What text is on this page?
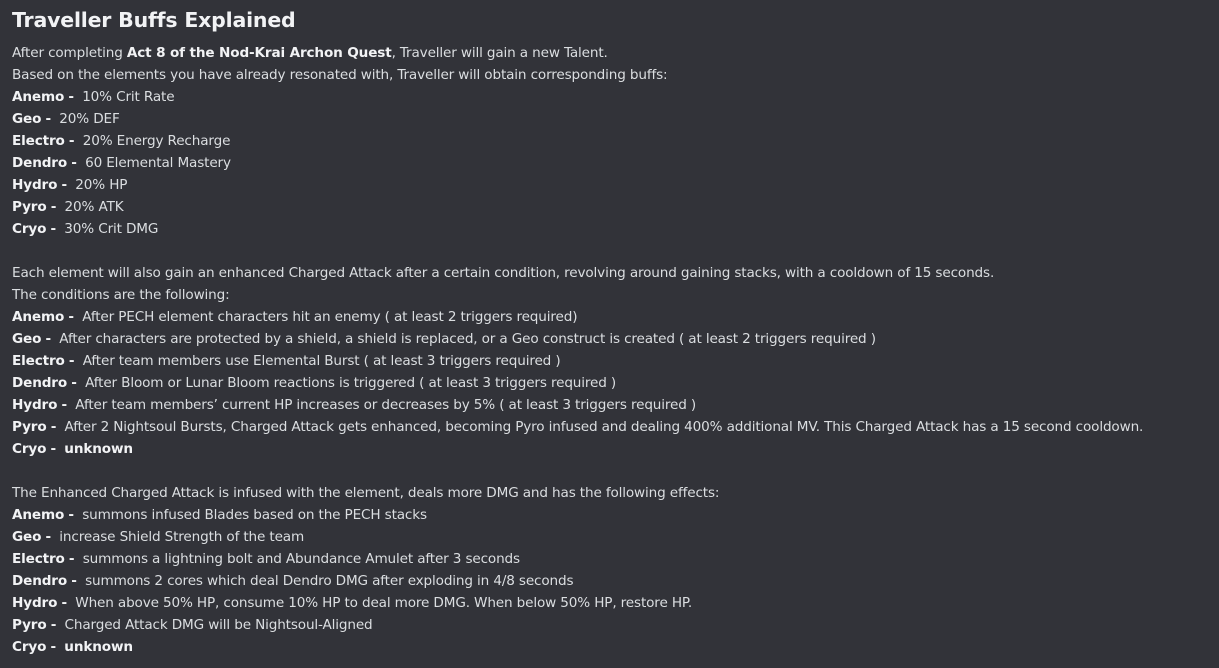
Traveller Buffs Explained
After completing Act 8 of the Nod-Krai Archon Quest, Traveller will gain a new Talent.
Based on the elements you have already resonated with, Traveller will obtain corresponding buffs:
Anemo - 10% Crit Rate
Geo - 20% DEF
Electro - 20% Energy Recharge
Dendro - 60 Elemental Mastery
Hydro - 20% HP
Pyro - 20% ATK
Cryo - 30% Crit DMG
Each element will also gain an enhanced Charged Attack after a certain condition, revolving around gaining stacks, with a cooldown of 15 seconds.
The conditions are the following:
Anemo - After PECH element characters hit an enemy ( at least 2 triggers required)
Geo - After characters are protected by a shield, a shield is replaced, or a Geo construct is created ( at least 2 triggers required )
Electro - After team members use Elemental Burst ( at least 3 triggers required )
Dendro - After Bloom or Lunar Bloom reactions is triggered ( at least 3 triggers required )
Hydro - After team members’ current HP increases or decreases by 5% ( at least 3 triggers required )
Pyro - After 2 Nightsoul Bursts, Charged Attack gets enhanced, becoming Pyro infused and dealing 400% additional MV. This Charged Attack has a 15 second cooldown.
Cryo - unknown
The Enhanced Charged Attack is infused with the element, deals more DMG and has the following effects:
Anemo - summons infused Blades based on the PECH stacks
Geo - increase Shield Strength of the team
Electro - summons a lightning bolt and Abundance Amulet after 3 seconds
Dendro - summons 2 cores which deal Dendro DMG after exploding in 4/8 seconds
Hydro - When above 50% HP, consume 10% HP to deal more DMG. When below 50% HP, restore HP.
Pyro - Charged Attack DMG will be Nightsoul-Aligned
Cryo - unknown
